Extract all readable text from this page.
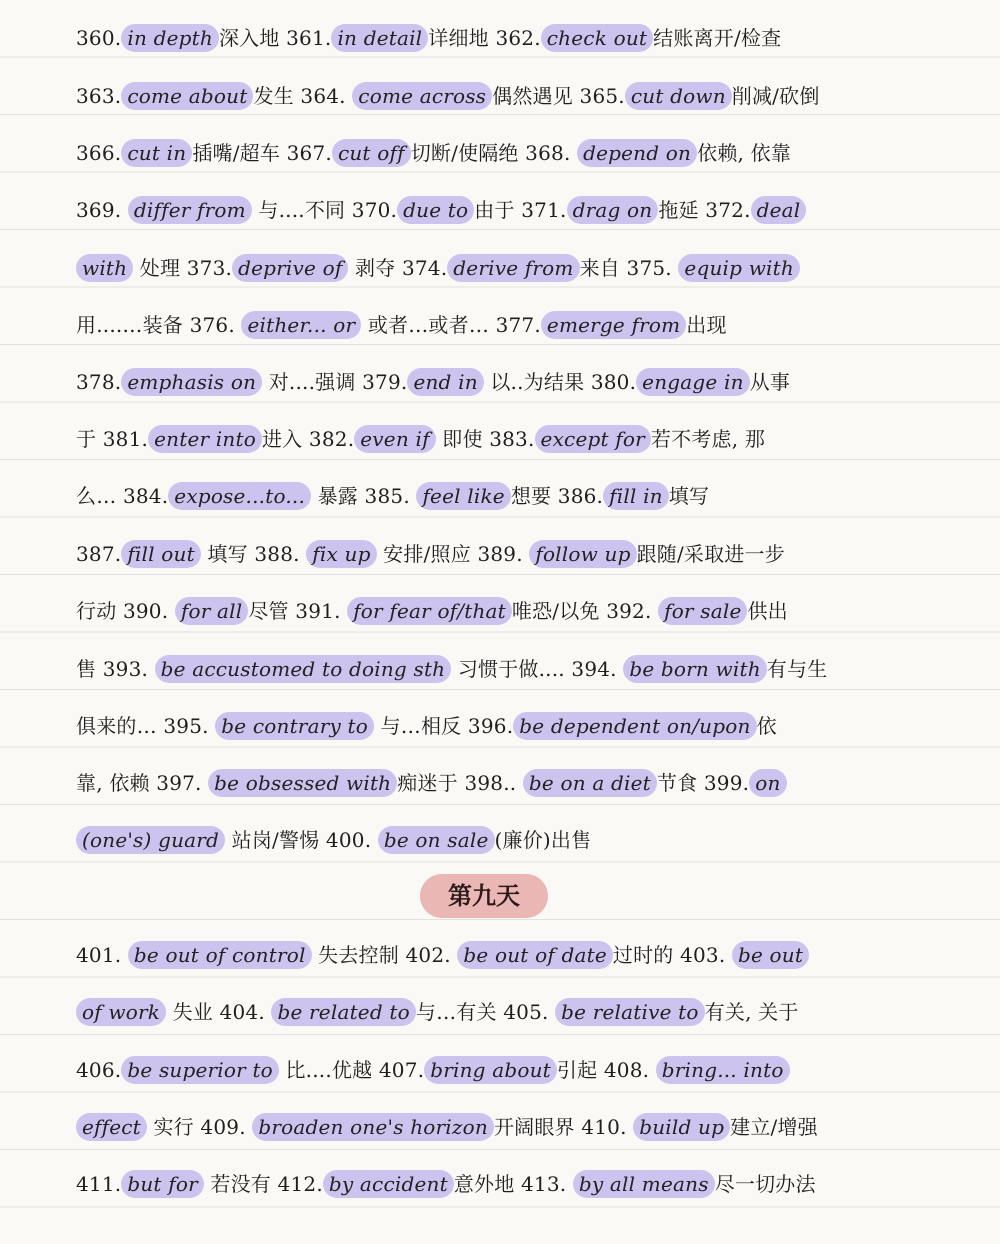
360. in depth 深入地 361. in detail 详细地 362. check out 结账离开/检查
363. come about 发生 364. come across 偶然遇见 365. cut down 削减/砍倒
366. cut in 插嘴/超车 367. cut off 切断/使隔绝 368. depend on 依赖, 依靠
369. differ from 与....不同 370. due to 由于 371. drag on 拖延 372. deal
with 处理 373. deprive of 剥夺 374. derive from 来自 375. equip with
用....…装备 376. either... or 或者…或者… 377. emerge from 出现
378. emphasis on 对....强调 379. end in 以..为结果 380. engage in 从事
于 381. enter into 进入 382. even if 即使 383. except for 若不考虑, 那
么… 384. expose...to... 暴露 385. feel like 想要 386. fill in 填写
387. fill out 填写 388. fix up 安排/照应 389. follow up 跟随/采取进一步
行动 390. for all 尽管 391. for fear of/that 唯恐/以免 392. for sale 供出
售 393. be accustomed to doing sth 习惯于做.... 394. be born with 有与生
俱来的… 395. be contrary to 与…相反 396. be dependent on/upon 依
靠, 依赖 397. be obsessed with 痴迷于 398.. be on a diet 节食 399. on
(one's) guard 站岗/警惕 400. be on sale (廉价)出售
第九天
401. be out of control 失去控制 402. be out of date 过时的 403. be out
of work 失业 404. be related to 与…有关 405. be relative to 有关, 关于
406. be superior to 比....优越 407. bring about 引起 408. bring... into
effect 实行 409. broaden one's horizon 开阔眼界 410. build up 建立/增强
411. but for 若没有 412. by accident 意外地 413. by all means 尽一切办法
